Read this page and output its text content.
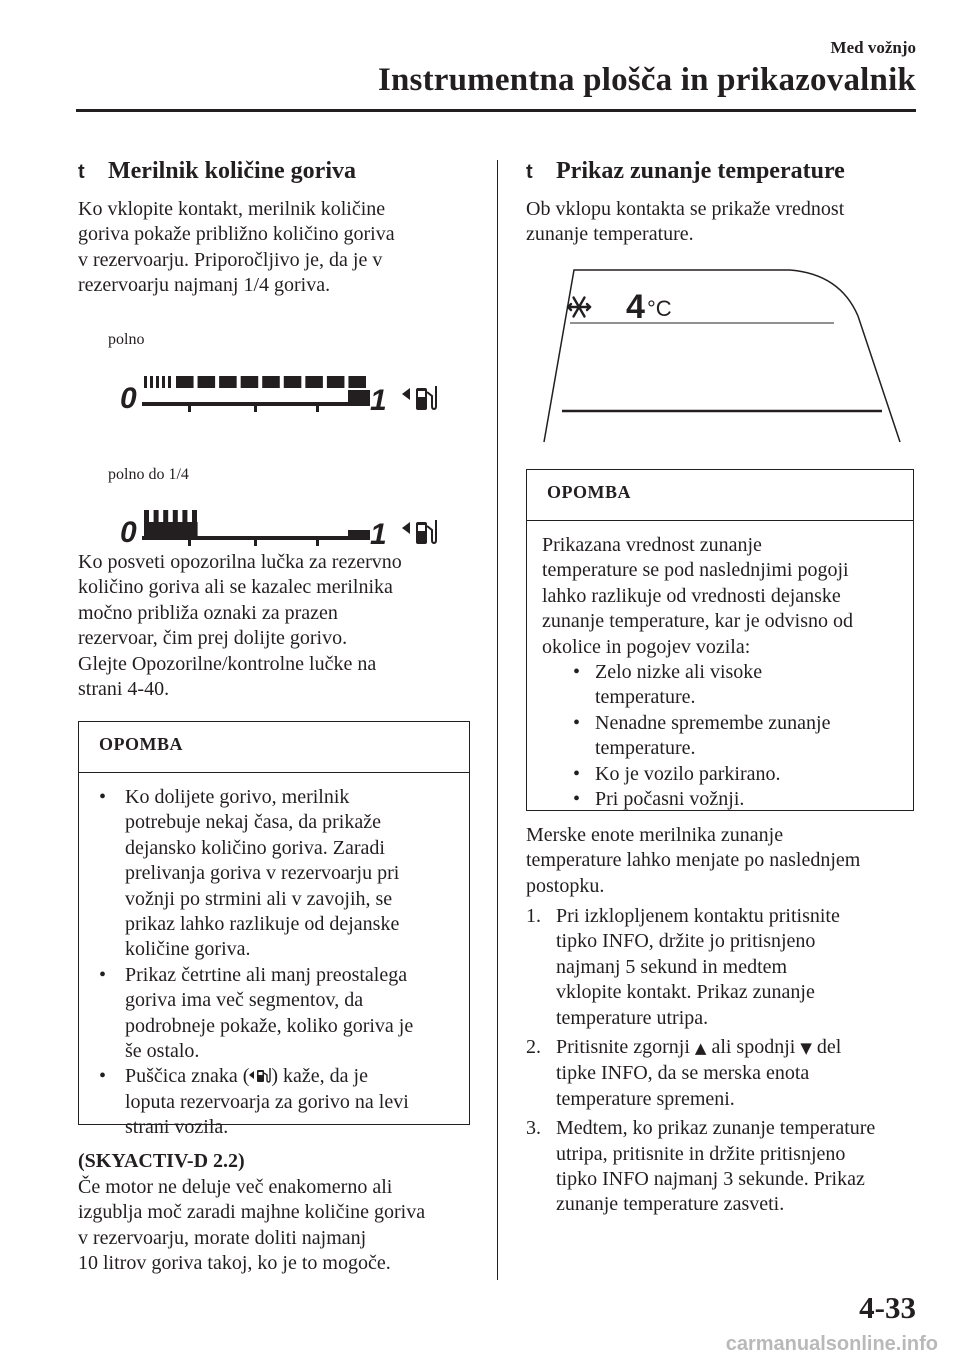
Med vožnjo
Instrumentna plošča in prikazovalnik
t Merilnik količine goriva

Ko vklopite kontakt, merilnik količine

goriva pokaže približno količino goriva

v rezervoarju. Priporočljivo je, da je v

rezervoarju najmanj 1/4 goriva.

polno
0	1
polno do 1/4
0	1

Ko posveti opozorilna lučka za rezervno

količino goriva ali se kazalec merilnika

močno približa oznaki za prazen

rezervoar, čim prej dolijte gorivo.

Glejte Opozorilne/kontrolne lučke na

strani 4-40.

OPOMBA
• Ko dolijete gorivo, merilnik
potrebuje nekaj časa, da prikaže
dejansko količino goriva. Zaradi
prelivanja goriva v rezervoarju pri
vožnji po strmini ali v zavojih, se
prikaz lahko razlikuje od dejanske
količine goriva.
• Prikaz četrtine ali manj preostalega
goriva ima več segmentov, da
podrobneje pokaže, koliko goriva je
še ostalo.
• Puščica znaka ( ) kaže, da je
loputa rezervoarja za gorivo na levi
strani vozila.
(SKYACTIV-D 2.2)

Če motor ne deluje več enakomerno ali

izgublja moč zaradi majhne količine goriva

v rezervoarju, morate doliti najmanj

10 litrov goriva takoj, ko je to mogoče.

t Prikaz zunanje temperature

Ob vklopu kontakta se prikaže vrednost

zunanje temperature.

4 °C
OPOMBA
Prikazana vrednost zunanje
temperature se pod naslednjimi pogoji
lahko razlikuje od vrednosti dejanske
zunanje temperature, kar je odvisno od
okolice in pogojev vozila:
• Zelo nizke ali visoke
temperature.
• Nenadne spremembe zunanje
temperature.
• Ko je vozilo parkirano.
• Pri počasni vožnji.

Merske enote merilnika zunanje

temperature lahko menjate po naslednjem

postopku.

1. Pri izklopljenem kontaktu pritisnite
tipko INFO, držite jo pritisnjeno
najmanj 5 sekund in medtem
vklopite kontakt. Prikaz zunanje
temperature utripa.
2. Pritisnite zgornji ▲ ali spodnji ▼ del
tipke INFO, da se merska enota
temperature spremeni.
3. Medtem, ko prikaz zunanje temperature
utripa, pritisnite in držite pritisnjeno
tipko INFO najmanj 3 sekunde. Prikaz
zunanje temperature zasveti.
4-33
carmanualsonline.info
